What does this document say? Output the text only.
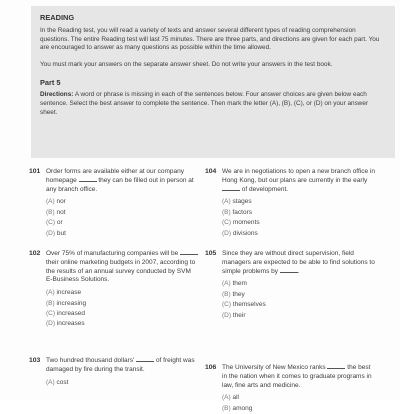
READING

In the Reading test, you will read a variety of texts and answer several different types of reading comprehension questions. The entire Reading test will last 75 minutes. There are three parts, and directions are given for each part. You are encouraged to answer as many questions as possible within the time allowed.

You must mark your answers on the separate answer sheet. Do not write your answers in the test book.

Part 5

Directions: A word or phrase is missing in each of the sentences below. Four answer choices are given below each sentence. Select the best answer to complete the sentence. Then mark the letter (A), (B), (C), or (D) on your answer sheet.

101 Order forms are available either at our company homepage	they can be filled out in person at any branch office.
(A) nor
(B) not
(C) or
(D) but
102 Over 75% of manufacturing companies will be  their online marketing budgets in 2007, according to the results of an annual survey conducted by SVM E-Business Solutions.
(A) increase
(B) increasing
(C) increased
(D) increases
103 Two hundred thousand dollars'	of freight was damaged by fire during the transit.
(A) cost
104 We are in negotiations to open a new branch office in Hong Kong, but our plans are currently in the early  of development.
(A) stages
(B) factors
(C) moments
(D) divisions
105 Since they are without direct supervision, field managers are expected to be able to find solutions to simple problems by	.
(A) them
(B) they
(C) themselves
(D) their
106 The University of New Mexico ranks	the best in the nation when it comes to graduate programs in law, fine arts and medicine.
(A) all
(B) among
